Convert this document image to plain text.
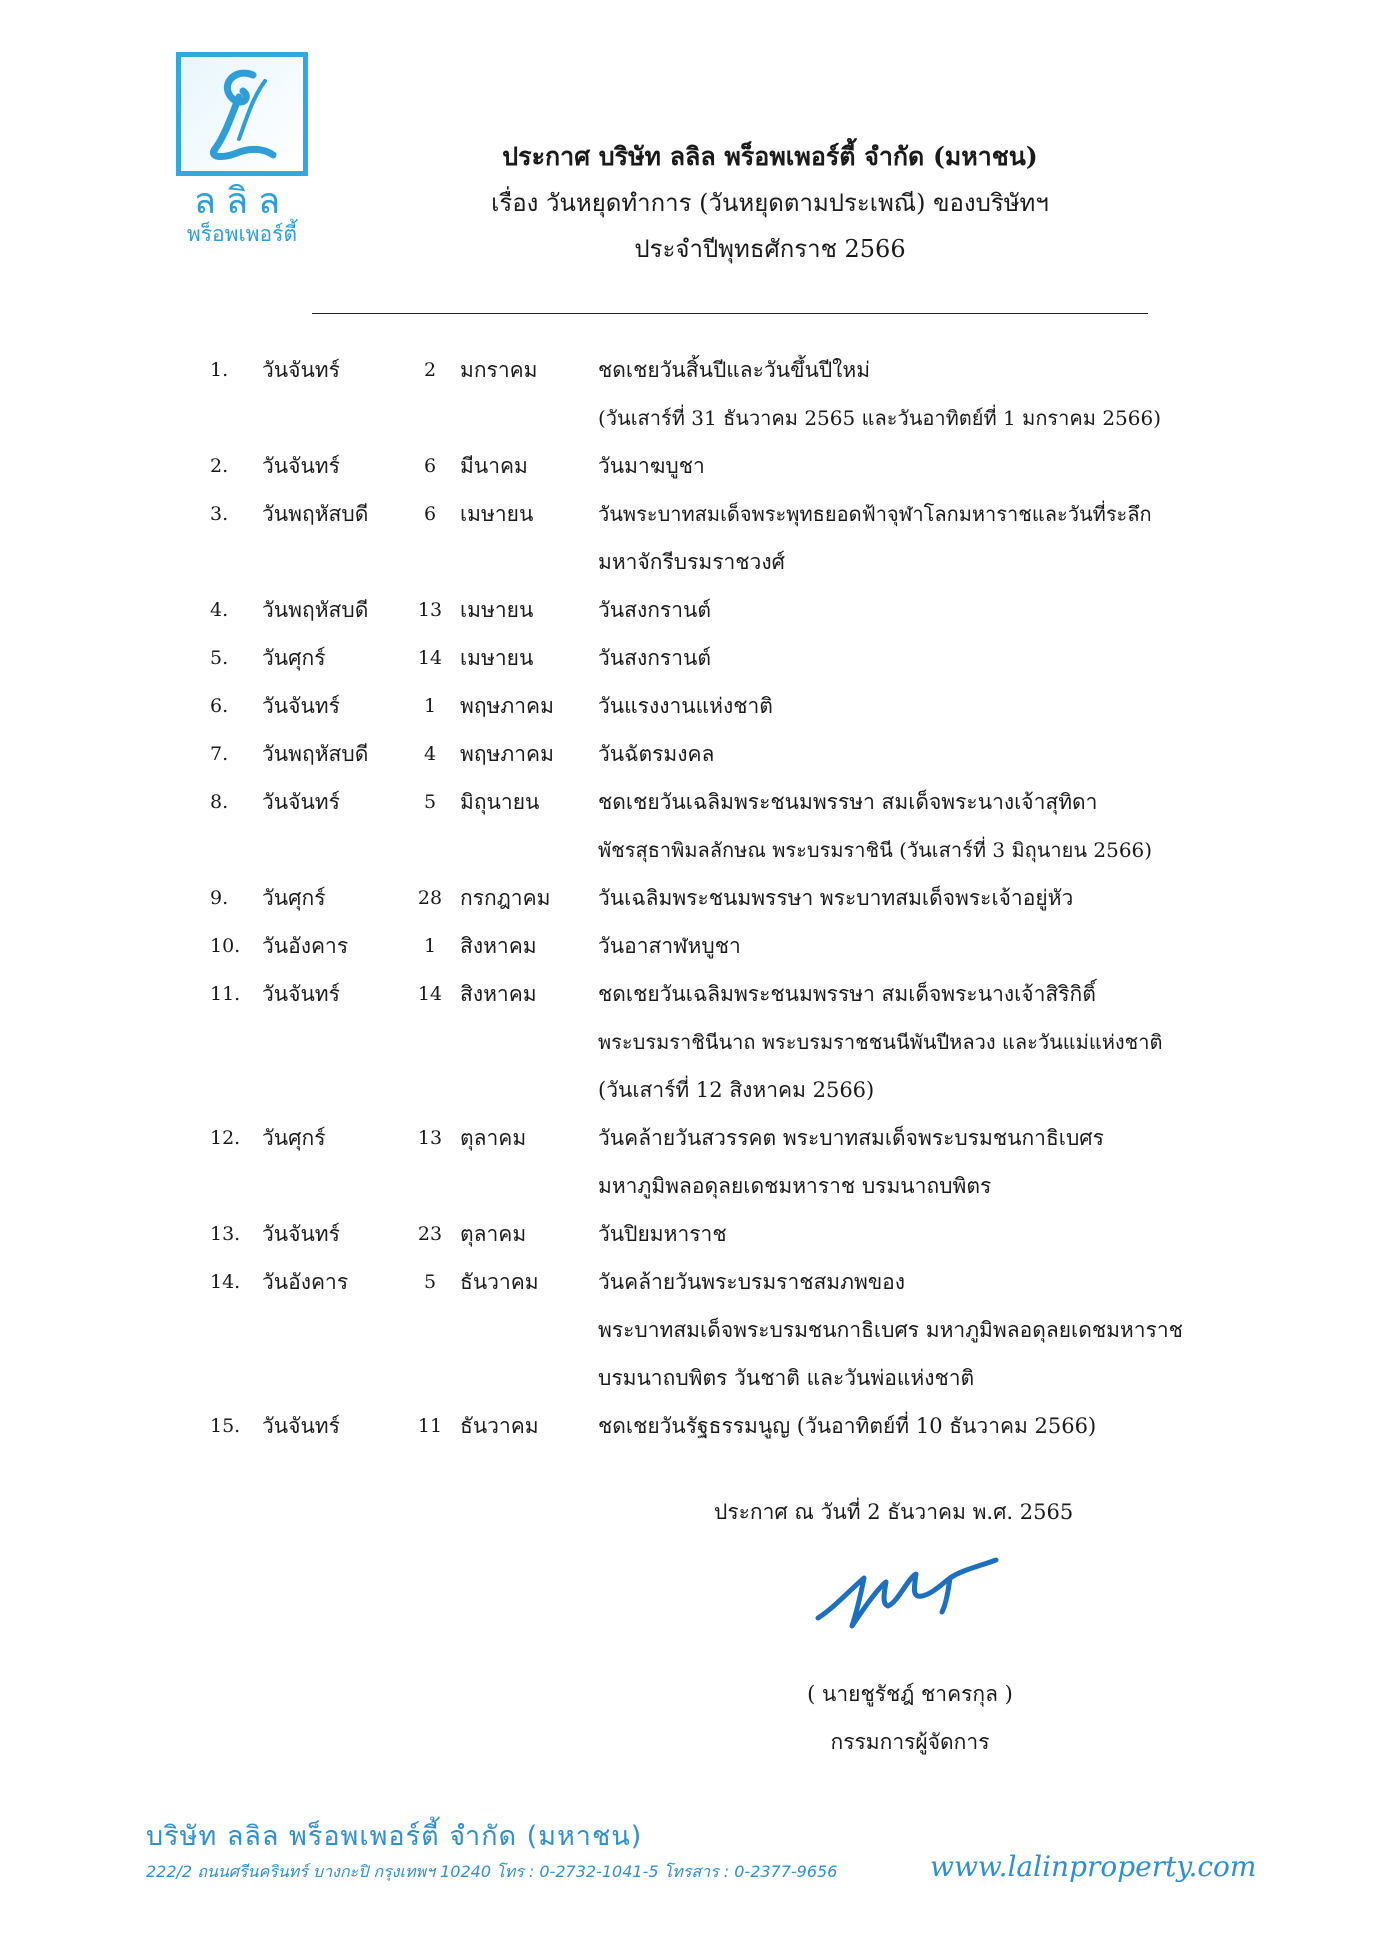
ลลิล
พร็อพเพอร์ตี้
ประกาศ บริษัท ลลิล พร็อพเพอร์ตี้ จำกัด (มหาชน)
เรื่อง วันหยุดทำการ (วันหยุดตามประเพณี) ของบริษัทฯ
ประจำปีพุทธศักราช 2566
1.	วันจันทร์	2	มกราคม	ชดเชยวันสิ้นปีและวันขึ้นปีใหม่
(วันเสาร์ที่ 31 ธันวาคม 2565 และวันอาทิตย์ที่ 1 มกราคม 2566)
2.	วันจันทร์	6	มีนาคม	วันมาฆบูชา
3.	วันพฤหัสบดี	6	เมษายน	วันพระบาทสมเด็จพระพุทธยอดฟ้าจุฬาโลกมหาราชและวันที่ระลึก
มหาจักรีบรมราชวงศ์
4.	วันพฤหัสบดี	13 เมษายน	วันสงกรานต์
5.	วันศุกร์	14 เมษายน	วันสงกรานต์
6.	วันจันทร์	1	พฤษภาคม	วันแรงงานแห่งชาติ
7.	วันพฤหัสบดี	4	พฤษภาคม	วันฉัตรมงคล
8.	วันจันทร์	5	มิถุนายน	ชดเชยวันเฉลิมพระชนมพรรษา สมเด็จพระนางเจ้าสุทิดา
พัชรสุธาพิมลลักษณ พระบรมราชินี (วันเสาร์ที่ 3 มิถุนายน 2566)
9.	วันศุกร์	28 กรกฎาคม	วันเฉลิมพระชนมพรรษา พระบาทสมเด็จพระเจ้าอยู่หัว
10.	วันอังคาร	1	สิงหาคม	วันอาสาฬหบูชา
11.	วันจันทร์	14 สิงหาคม	ชดเชยวันเฉลิมพระชนมพรรษา สมเด็จพระนางเจ้าสิริกิติ์
พระบรมราชินีนาถ พระบรมราชชนนีพันปีหลวง และวันแม่แห่งชาติ
(วันเสาร์ที่ 12 สิงหาคม 2566)
12.	วันศุกร์	13 ตุลาคม	วันคล้ายวันสวรรคต พระบาทสมเด็จพระบรมชนกาธิเบศร
มหาภูมิพลอดุลยเดชมหาราช บรมนาถบพิตร
13.	วันจันทร์	23 ตุลาคม	วันปิยมหาราช
14.	วันอังคาร	5	ธันวาคม	วันคล้ายวันพระบรมราชสมภพของ
พระบาทสมเด็จพระบรมชนกาธิเบศร มหาภูมิพลอดุลยเดชมหาราช
บรมนาถบพิตร วันชาติ และวันพ่อแห่งชาติ
15.	วันจันทร์	11 ธันวาคม	ชดเชยวันรัฐธรรมนูญ (วันอาทิตย์ที่ 10 ธันวาคม 2566)
ประกาศ ณ วันที่ 2 ธันวาคม พ.ศ. 2565
( นายชูรัชฎ์ ชาครกุล )
กรรมการผู้จัดการ
บริษัท ลลิล พร็อพเพอร์ตี้ จำกัด (มหาชน)
222/2 ถนนศรีนครินทร์ บางกะปิ กรุงเทพฯ 10240 โทร : 0-2732-1041-5 โทรสาร : 0-2377-9656	www.lalinproperty.com
